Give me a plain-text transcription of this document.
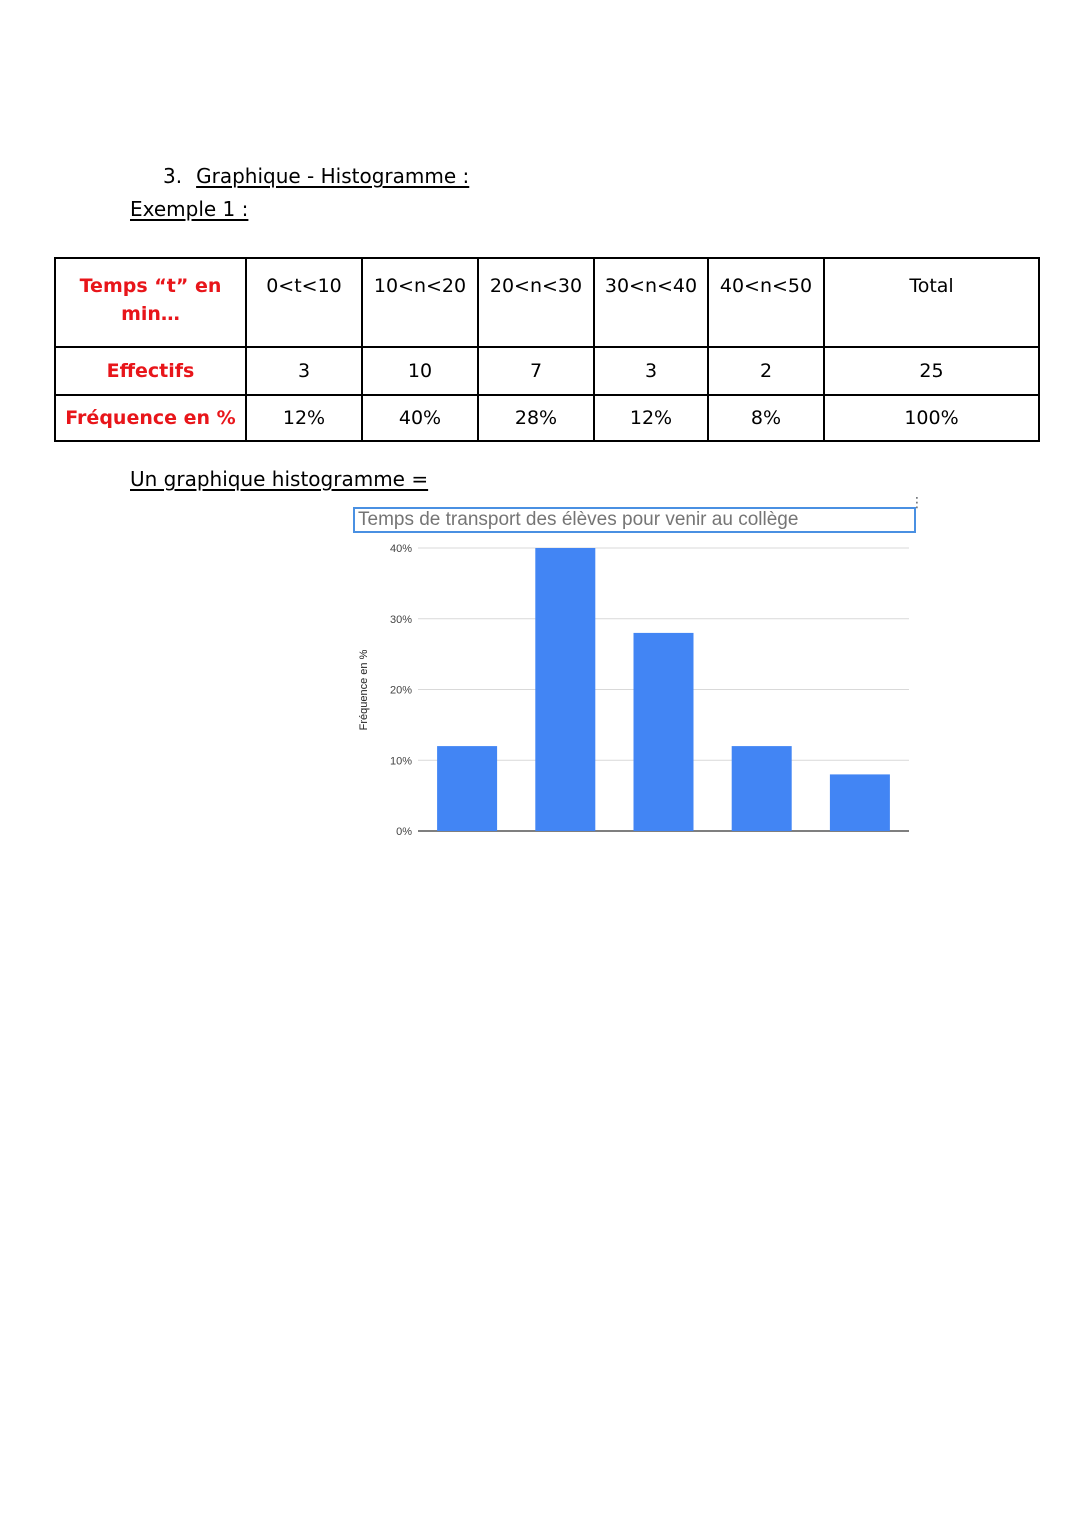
3. Graphique - Histogramme :
Exemple 1 :
Temps “t” en min…	0<t<10	10<n<20	20<n<30	30<n<40	40<n<50	Total
Effectifs	3	10	7	3	2	25
Fréquence en %	12%	40%	28%	12%	8%	100%
Un graphique histogramme =
Temps de transport des élèves pour venir au collège
⋮
0%
10%
20%
30%
40%
Fréquence en %
